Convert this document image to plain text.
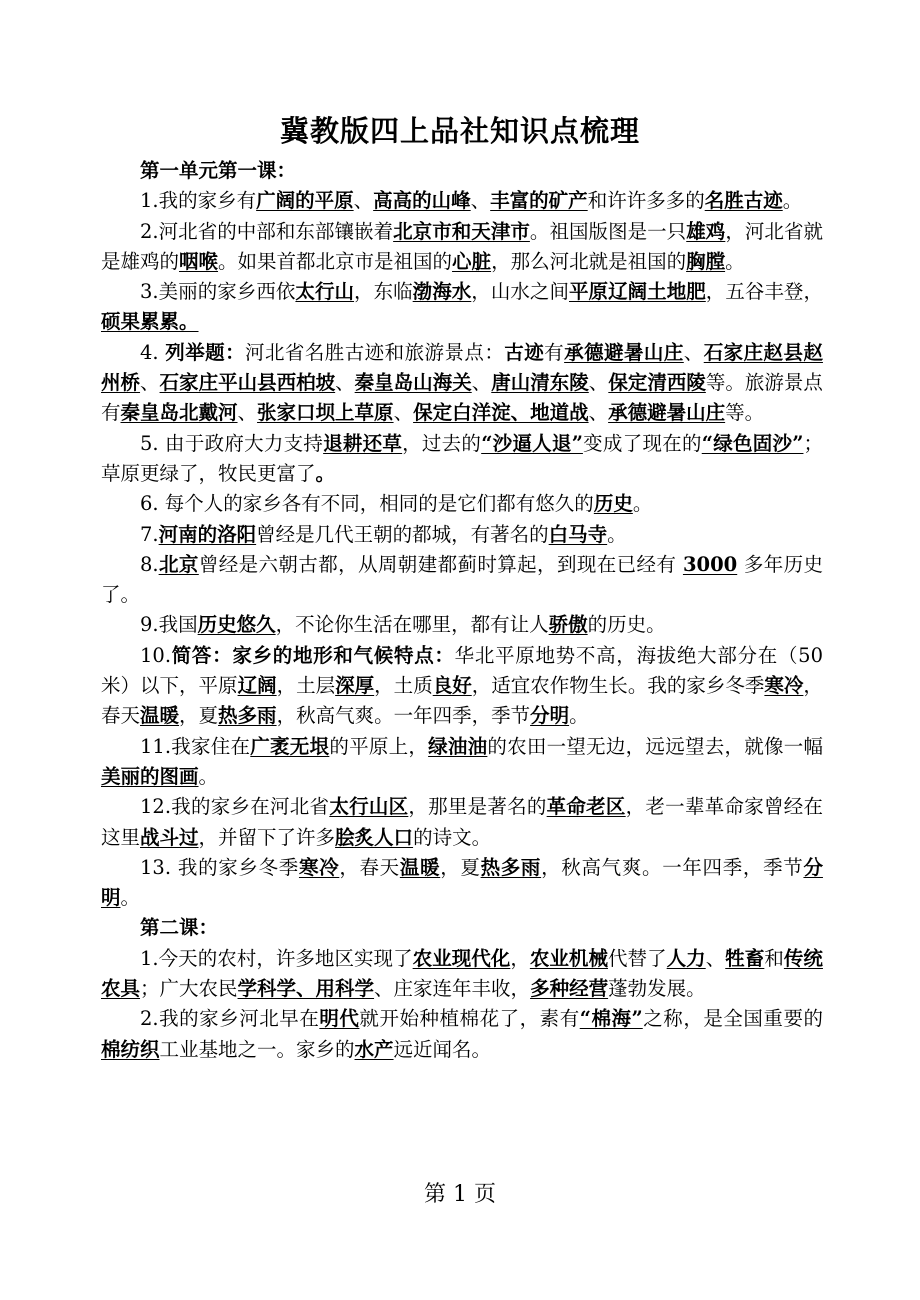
冀教版四上品社知识点梳理

第一单元第一课：

1.我的家乡有广阔的平原、高高的山峰、丰富的矿产和许许多多的名胜古迹。

2.河北省的中部和东部镶嵌着北京市和天津市。祖国版图是一只雄鸡，河北省就是雄鸡的咽喉。如果首都北京市是祖国的心脏，那么河北就是祖国的胸膛。

3.美丽的家乡西依太行山，东临渤海水，山水之间平原辽阔土地肥，五谷丰登，硕果累累。

4. 列举题：河北省名胜古迹和旅游景点：古迹有承德避暑山庄、石家庄赵县赵州桥、石家庄平山县西柏坡、秦皇岛山海关、唐山清东陵、保定清西陵等。旅游景点有秦皇岛北戴河、张家口坝上草原、保定白洋淀、地道战、承德避暑山庄等。

5. 由于政府大力支持退耕还草，过去的“沙逼人退”变成了现在的“绿色固沙”；草原更绿了，牧民更富了。

6. 每个人的家乡各有不同，相同的是它们都有悠久的历史。

7.河南的洛阳曾经是几代王朝的都城，有著名的白马寺。

8.北京曾经是六朝古都，从周朝建都蓟时算起，到现在已经有 3000 多年历史了。

9.我国历史悠久，不论你生活在哪里，都有让人骄傲的历史。

10.简答：家乡的地形和气候特点：华北平原地势不高，海拔绝大部分在（50 米）以下，平原辽阔，土层深厚，土质良好，适宜农作物生长。我的家乡冬季寒冷，春天温暖，夏热多雨，秋高气爽。一年四季，季节分明。

11.我家住在广袤无垠的平原上，绿油油的农田一望无边，远远望去，就像一幅美丽的图画。

12.我的家乡在河北省太行山区，那里是著名的革命老区，老一辈革命家曾经在这里战斗过，并留下了许多脍炙人口的诗文。

13. 我的家乡冬季寒冷，春天温暖，夏热多雨，秋高气爽。一年四季，季节分明。

第二课：

1.今天的农村，许多地区实现了农业现代化，农业机械代替了人力、牲畜和传统农具；广大农民学科学、用科学、庄家连年丰收，多种经营蓬勃发展。

2.我的家乡河北早在明代就开始种植棉花了，素有“棉海”之称，是全国重要的棉纺织工业基地之一。家乡的水产远近闻名。

第 1 页
